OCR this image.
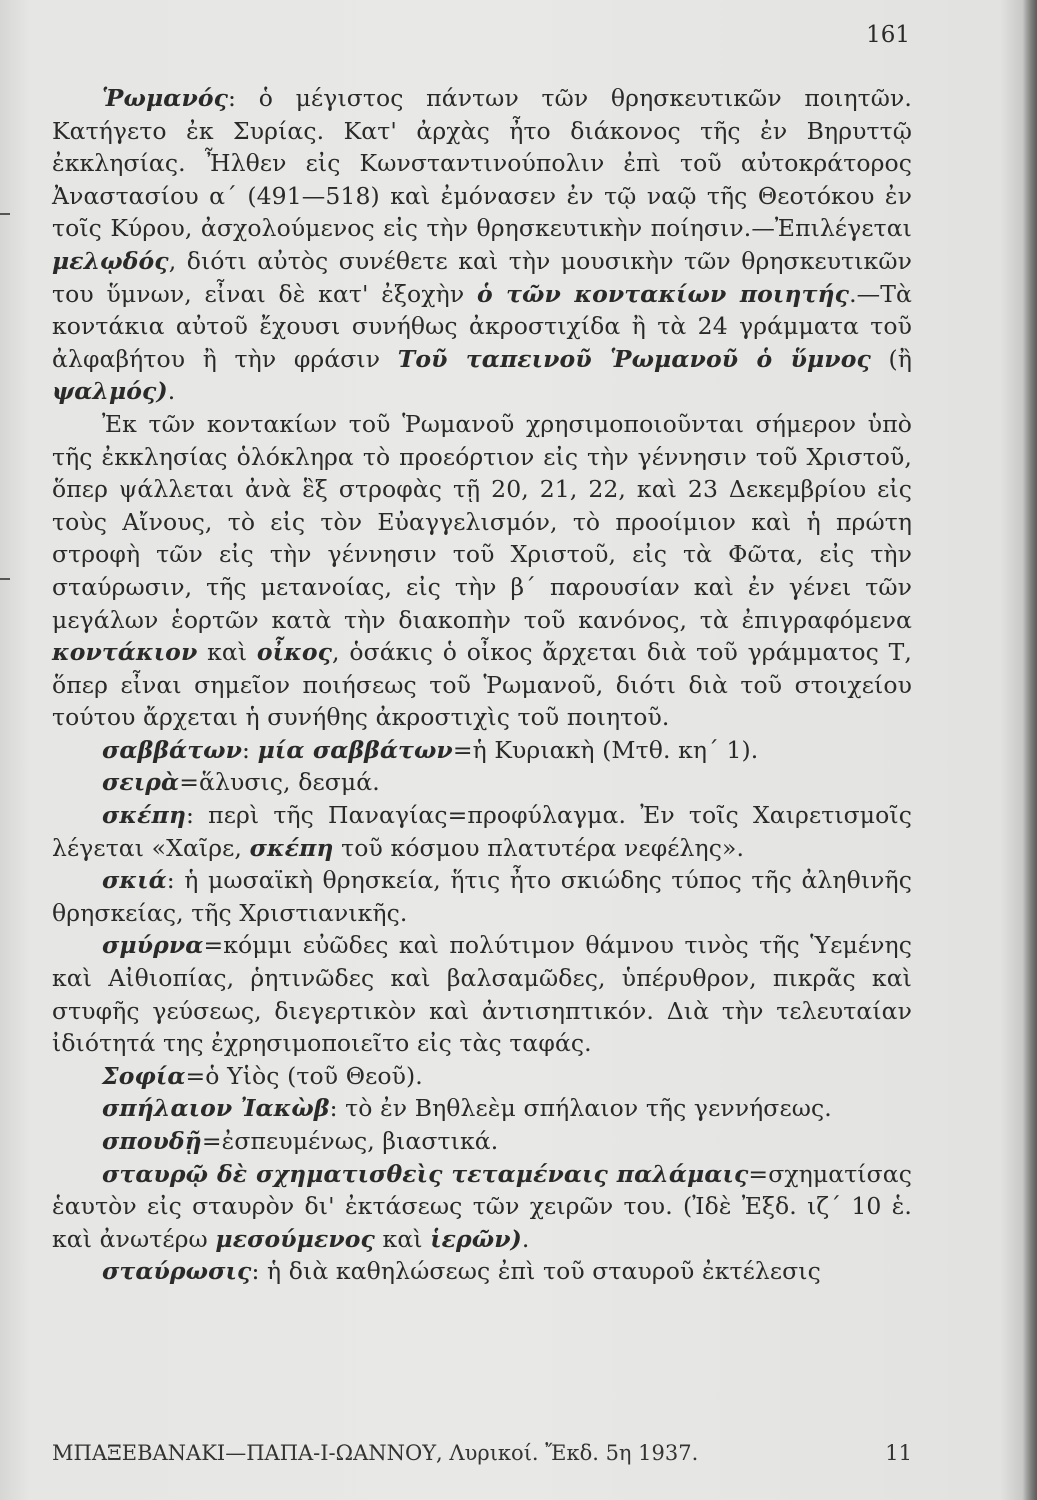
161

Ῥωμανός: ὁ μέγιστος πάντων τῶν θρησκευτικῶν ποιητῶν. Κατήγετο ἐκ Συρίας. Κατ' ἀρχὰς ἦτο διάκονος τῆς ἐν Βηρυττῷ ἐκκλησίας. Ἦλθεν εἰς Κωνσταντινούπολιν ἐπὶ τοῦ αὐτοκράτορος Ἀναστασίου α΄ (491—518) καὶ ἐμόνασεν ἐν τῷ ναῷ τῆς Θεοτόκου ἐν τοῖς Κύρου, ἀσχολούμενος εἰς τὴν θρησκευτικὴν ποίησιν.—Ἐπιλέγεται μελῳδός, διότι αὐτὸς συνέθετε καὶ τὴν μουσικὴν τῶν θρησκευτικῶν του ὕμνων, εἶναι δὲ κατ' ἐξοχὴν ὁ τῶν κοντακίων ποιητής.—Τὰ κοντάκια αὐτοῦ ἔχουσι συνήθως ἀκροστιχίδα ἢ τὰ 24 γράμματα τοῦ ἀλφαβήτου ἢ τὴν φράσιν Τοῦ ταπεινοῦ Ῥωμανοῦ ὁ ὕμνος (ἢ ψαλμός).

Ἐκ τῶν κοντακίων τοῦ Ῥωμανοῦ χρησιμοποιοῦνται σήμερον ὑπὸ τῆς ἐκκλησίας ὁλόκληρα τὸ προεόρτιον εἰς τὴν γέννησιν τοῦ Χριστοῦ, ὅπερ ψάλλεται ἀνὰ ἓξ στροφὰς τῇ 20, 21, 22, καὶ 23 Δεκεμβρίου εἰς τοὺς Αἴνους, τὸ εἰς τὸν Εὐαγγελισμόν, τὸ προοίμιον καὶ ἡ πρώτη στροφὴ τῶν εἰς τὴν γέννησιν τοῦ Χριστοῦ, εἰς τὰ Φῶτα, εἰς τὴν σταύρωσιν, τῆς μετανοίας, εἰς τὴν β΄ παρουσίαν καὶ ἐν γένει τῶν μεγάλων ἑορτῶν κατὰ τὴν διακοπὴν τοῦ κανόνος, τὰ ἐπιγραφόμενα κοντάκιον καὶ οἶκος, ὁσάκις ὁ οἶκος ἄρχεται διὰ τοῦ γράμματος Τ, ὅπερ εἶναι σημεῖον ποιήσεως τοῦ Ῥωμανοῦ, διότι διὰ τοῦ στοιχείου τούτου ἄρχεται ἡ συνήθης ἀκροστιχὶς τοῦ ποιητοῦ.

σαββάτων: μία σαββάτων=ἡ Κυριακὴ (Μτθ. κη΄ 1).

σειρὰ=ἅλυσις, δεσμά.

σκέπη: περὶ τῆς Παναγίας=προφύλαγμα. Ἐν τοῖς Χαιρετισμοῖς λέγεται «Χαῖρε, σκέπη τοῦ κόσμου πλατυτέρα νεφέλης».

σκιά: ἡ μωσαϊκὴ θρησκεία, ἥτις ἦτο σκιώδης τύπος τῆς ἀληθινῆς θρησκείας, τῆς Χριστιανικῆς.

σμύρνα=κόμμι εὐῶδες καὶ πολύτιμον θάμνου τινὸς τῆς Ὑεμένης καὶ Αἰθιοπίας, ῥητινῶδες καὶ βαλσαμῶδες, ὑπέρυθρον, πικρᾶς καὶ στυφῆς γεύσεως, διεγερτικὸν καὶ ἀντισηπτικόν. Διὰ τὴν τελευταίαν ἰδιότητά της ἐχρησιμοποιεῖτο εἰς τὰς ταφάς.

Σοφία=ὁ Υἱὸς (τοῦ Θεοῦ).

σπήλαιον Ἰακὼβ: τὸ ἐν Βηθλεὲμ σπήλαιον τῆς γεννήσεως.

σπουδῇ=ἐσπευμένως, βιαστικά.

σταυρῷ δὲ σχηματισθεὶς τεταμέναις παλάμαις=σχηματίσας ἑαυτὸν εἰς σταυρὸν δι' ἐκτάσεως τῶν χειρῶν του. (Ἰδὲ Ἐξδ. ιζ΄ 10 ἑ. καὶ ἀνωτέρω μεσούμενος καὶ ἱερῶν).

σταύρωσις: ἡ διὰ καθηλώσεως ἐπὶ τοῦ σταυροῦ ἐκτέλεσις

ΜΠΑΞΕΒΑΝΑΚΙ—ΠΑΠΑ-Ι-ΩΑΝΝΟΥ, Λυρικοί. Ἔκδ. 5η 1937.	11
